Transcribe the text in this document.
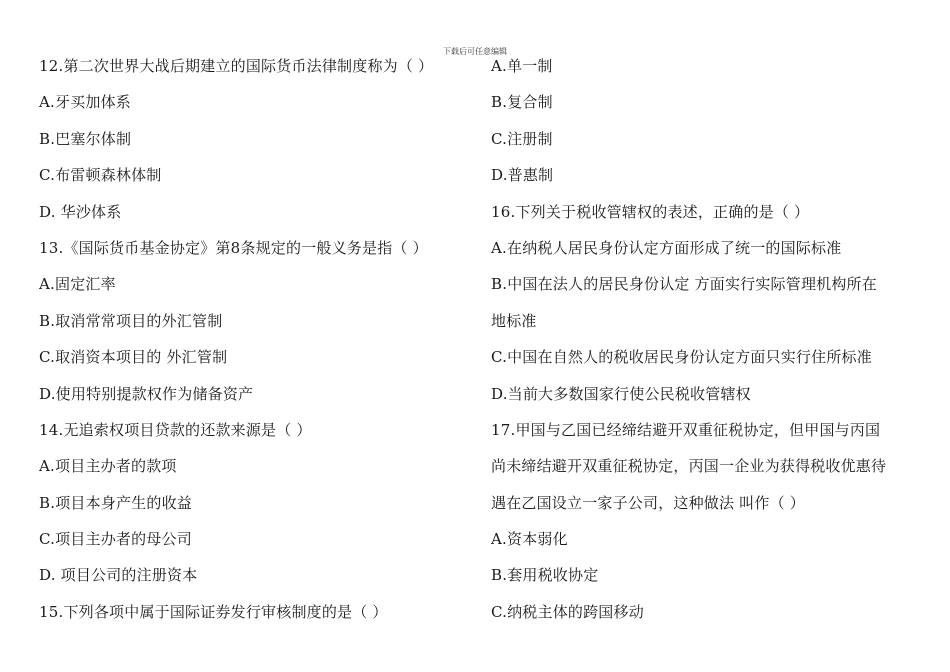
下载后可任意编辑
12.第二次世界大战后期建立的国际货币法律制度称为（ ）
A.牙买加体系
B.巴塞尔体制
C.布雷顿森林体制
D. 华沙体系
13.《国际货币基金协定》第8条规定的一般义务是指（ ）
A.固定汇率
B.取消常常项目的外汇管制
C.取消资本项目的 外汇管制
D.使用特别提款权作为储备资产
14.无追索权项目贷款的还款来源是（ ）
A.项目主办者的款项
B.项目本身产生的收益
C.项目主办者的母公司
D. 项目公司的注册资本
15.下列各项中属于国际证券发行审核制度的是（ ）
A.单一制
B.复合制
C.注册制
D.普惠制
16.下列关于税收管辖权的表述，正确的是（ ）
A.在纳税人居民身份认定方面形成了统一的国际标准
B.中国在法人的居民身份认定 方面实行实际管理机构所在
地标准
C.中国在自然人的税收居民身份认定方面只实行住所标准
D.当前大多数国家行使公民税收管辖权
17.甲国与乙国已经缔结避开双重征税协定，但甲国与丙国
尚未缔结避开双重征税协定，丙国一企业为获得税收优惠待
遇在乙国设立一家子公司，这种做法 叫作（ ）
A.资本弱化
B.套用税收协定
C.纳税主体的跨国移动
